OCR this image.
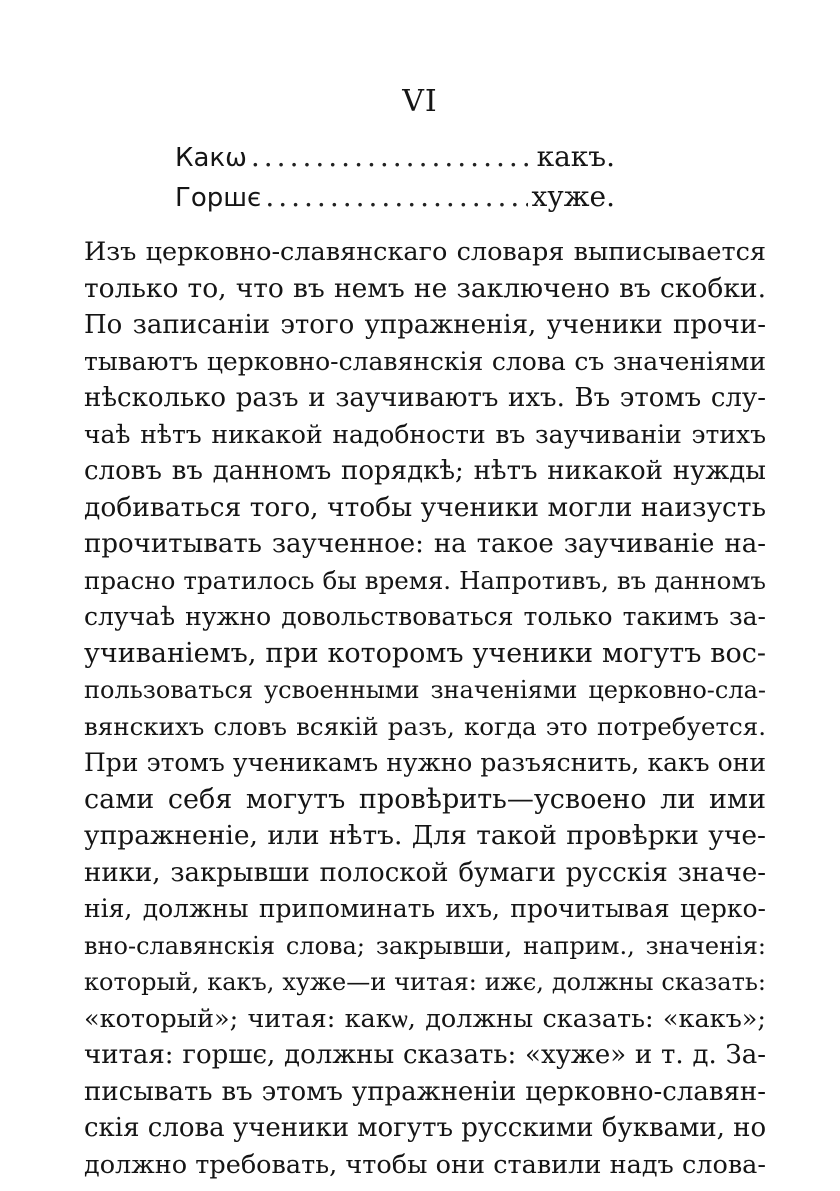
VI
Какѡ .....	какъ.
Горшє .....	хуже.
Изъ церковно-славянскаго словаря выписывается
только то, что въ немъ не заключено въ скобки.
По записаніи этого упражненія, ученики прочи-
тываютъ церковно-славянскія слова съ значеніями
нѣсколько разъ и заучиваютъ ихъ. Въ этомъ слу-
чаѣ нѣтъ никакой надобности въ заучиваніи этихъ
словъ въ данномъ порядкѣ; нѣтъ никакой нужды
добиваться того, чтобы ученики могли наизусть
прочитывать заученное: на такое заучиваніе на-
прасно тратилось бы время. Напротивъ, въ данномъ
случаѣ нужно довольствоваться только такимъ за-
учиваніемъ, при которомъ ученики могутъ вос-
пользоваться усвоенными значеніями церковно-сла-
вянскихъ словъ всякій разъ, когда это потребуется.
При этомъ ученикамъ нужно разъяснить, какъ они
сами себя могутъ провѣрить—усвоено ли ими
упражненіе, или нѣтъ. Для такой провѣрки уче-
ники, закрывши полоской бумаги русскія значе-
нія, должны припоминать ихъ, прочитывая церко-
вно-славянскія слова; закрывши, наприм., значенія:
который, какъ, хуже—и читая: ижє, должны сказать:
«который»; читая: какѡ, должны сказать: «какъ»;
читая: горшє, должны сказать: «хуже» и т. д. За-
писывать въ этомъ упражненіи церковно-славян-
скія слова ученики могутъ русскими буквами, но
должно требовать, чтобы они ставили надъ слова-
